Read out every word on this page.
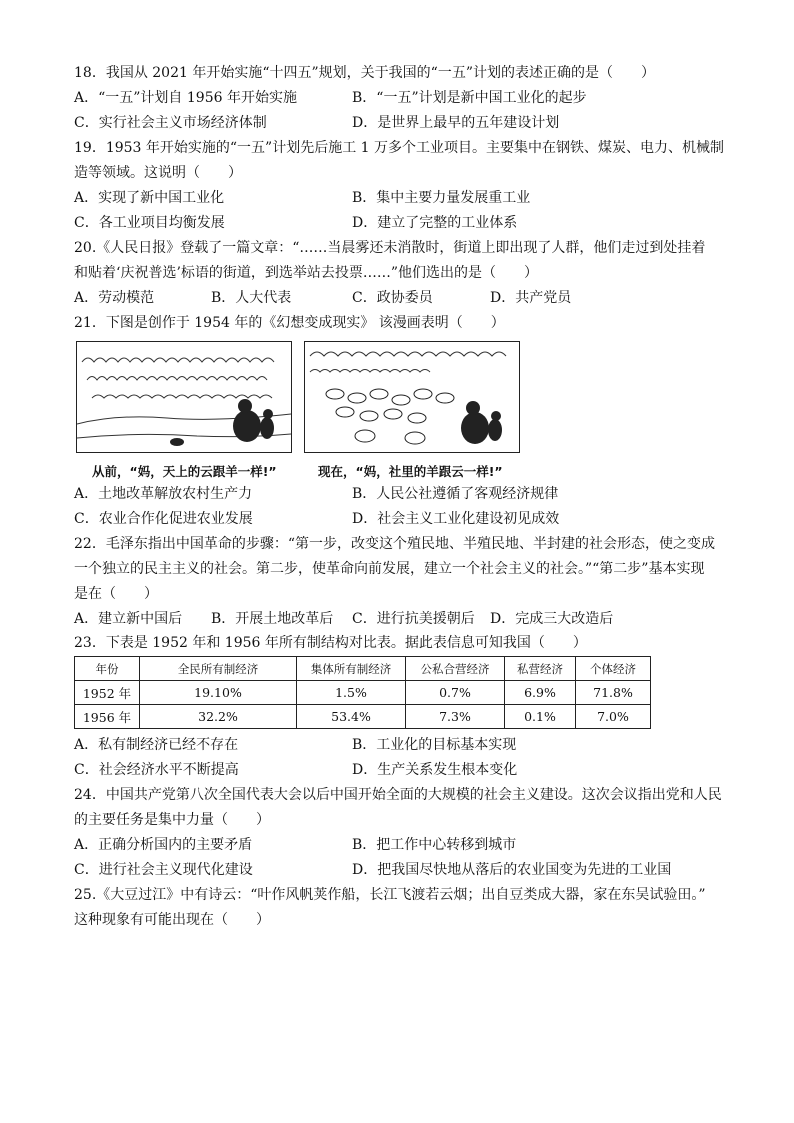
18．我国从 2021 年开始实施“十四五”规划，关于我国的“一五”计划的表述正确的是（　　）
A．“一五”计划自 1956 年开始实施	B．“一五”计划是新中国工业化的起步
C．实行社会主义市场经济体制	D．是世界上最早的五年建设计划
19．1953 年开始实施的“一五”计划先后施工 1 万多个工业项目。主要集中在钢铁、煤炭、电力、机械制
造等领域。这说明（　　）
A．实现了新中国工业化	B．集中主要力量发展重工业
C．各工业项目均衡发展	D．建立了完整的工业体系
20.《人民日报》登载了一篇文章：“……当晨雾还未消散时，街道上即出现了人群，他们走过到处挂着
和贴着‘庆祝普选’标语的街道，到选举站去投票……”他们选出的是（　　）
A．劳动模范	B．人大代表	C．政协委员	D．共产党员
21．下图是创作于 1954 年的《幻想变成现实》 该漫画表明（　　）
从前，“妈，天上的云跟羊一样!”	现在，“妈，社里的羊跟云一样!”
A．土地改革解放农村生产力	B．人民公社遵循了客观经济规律
C．农业合作化促进农业发展	D．社会主义工业化建设初见成效
22．毛泽东指出中国革命的步骤：“第一步，改变这个殖民地、半殖民地、半封建的社会形态，使之变成
一个独立的民主主义的社会。第二步，使革命向前发展，建立一个社会主义的社会。”“第二步”基本实现
是在（　　）
A．建立新中国后 B．开展土地改革后 C．进行抗美援朝后 D．完成三大改造后
23．下表是 1952 年和 1956 年所有制结构对比表。据此表信息可知我国（　　）
年份	全民所有制经济	集体所有制经济	公私合营经济	私营经济	个体经济
1952 年	19.10%	1.5%	0.7%	6.9%	71.8%
1956 年	32.2%	53.4%	7.3%	0.1%	7.0%
A．私有制经济已经不存在	B．工业化的目标基本实现
C．社会经济水平不断提高	D．生产关系发生根本变化
24．中国共产党第八次全国代表大会以后中国开始全面的大规模的社会主义建设。这次会议指出党和人民
的主要任务是集中力量（　　）
A．正确分析国内的主要矛盾	B．把工作中心转移到城市
C．进行社会主义现代化建设	D．把我国尽快地从落后的农业国变为先进的工业国
25.《大豆过江》中有诗云：“叶作风帆荚作船，长江飞渡若云烟；出自豆类成大器，家在东吴试验田。”
这种现象有可能出现在（　　）
